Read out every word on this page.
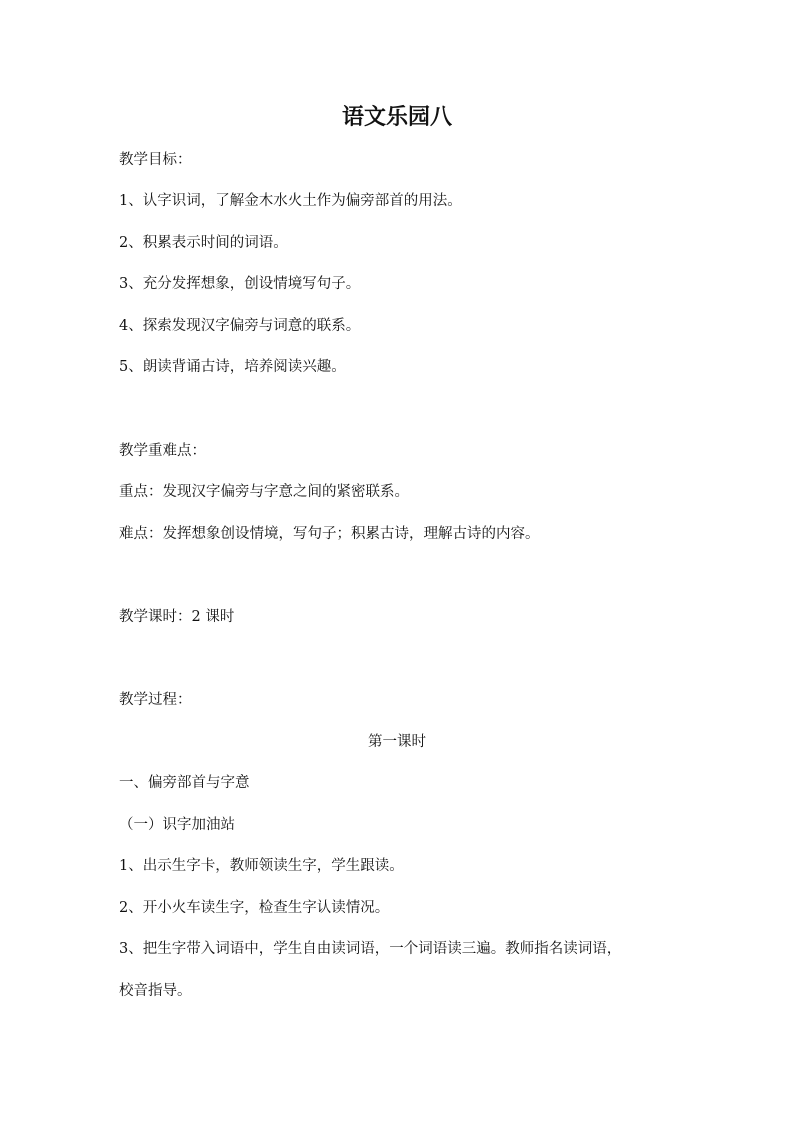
语文乐园八
教学目标：
1、认字识词，了解金木水火土作为偏旁部首的用法。
2、积累表示时间的词语。
3、充分发挥想象，创设情境写句子。
4、探索发现汉字偏旁与词意的联系。
5、朗读背诵古诗，培养阅读兴趣。
教学重难点：
重点：发现汉字偏旁与字意之间的紧密联系。
难点：发挥想象创设情境，写句子；积累古诗，理解古诗的内容。
教学课时：2 课时
教学过程：
第一课时
一、偏旁部首与字意
（一）识字加油站
1、出示生字卡，教师领读生字，学生跟读。
2、开小火车读生字，检查生字认读情况。
3、把生字带入词语中，学生自由读词语，一个词语读三遍。教师指名读词语，
校音指导。
